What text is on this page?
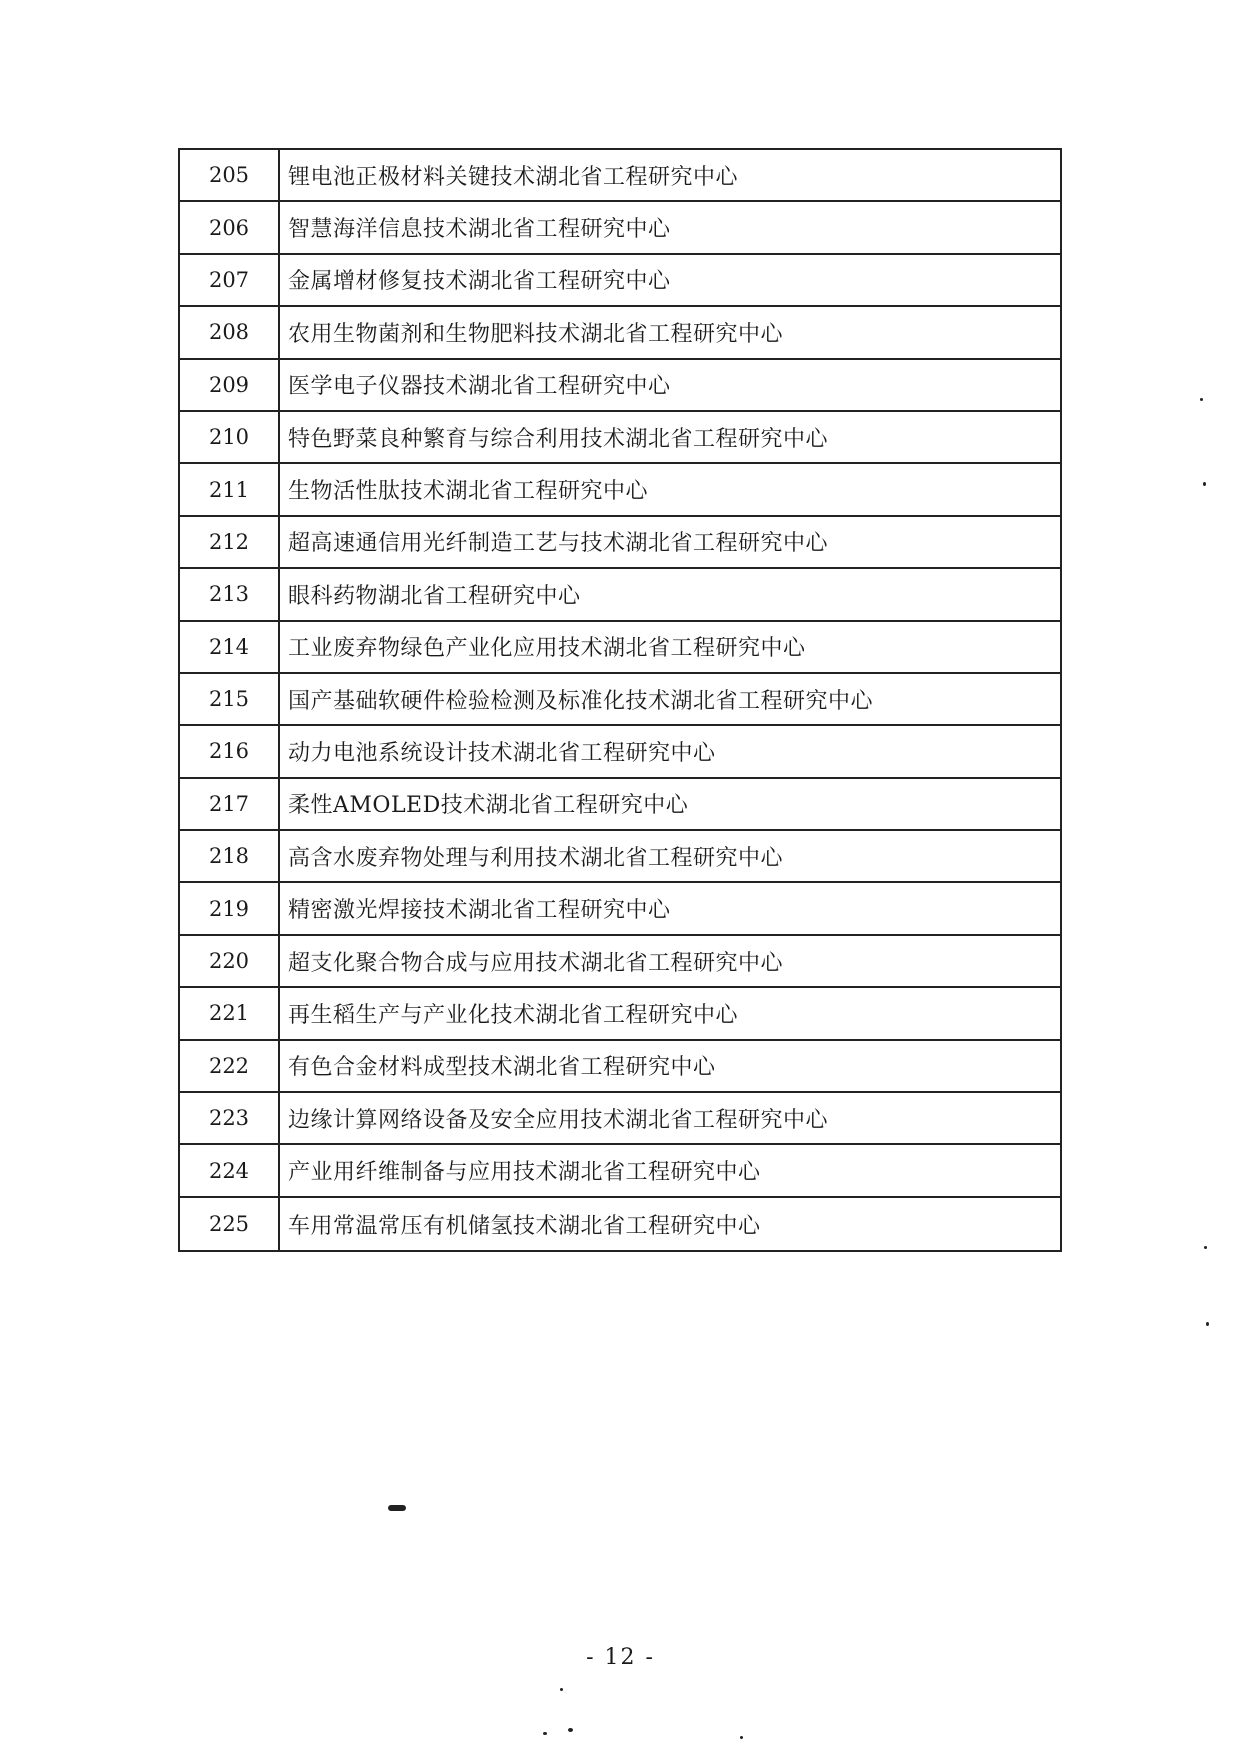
205	锂电池正极材料关键技术湖北省工程研究中心
206	智慧海洋信息技术湖北省工程研究中心
207	金属增材修复技术湖北省工程研究中心
208	农用生物菌剂和生物肥料技术湖北省工程研究中心
209	医学电子仪器技术湖北省工程研究中心
210	特色野菜良种繁育与综合利用技术湖北省工程研究中心
211	生物活性肽技术湖北省工程研究中心
212	超高速通信用光纤制造工艺与技术湖北省工程研究中心
213	眼科药物湖北省工程研究中心
214	工业废弃物绿色产业化应用技术湖北省工程研究中心
215	国产基础软硬件检验检测及标准化技术湖北省工程研究中心
216	动力电池系统设计技术湖北省工程研究中心
217	柔性AMOLED技术湖北省工程研究中心
218	高含水废弃物处理与利用技术湖北省工程研究中心
219	精密激光焊接技术湖北省工程研究中心
220	超支化聚合物合成与应用技术湖北省工程研究中心
221	再生稻生产与产业化技术湖北省工程研究中心
222	有色合金材料成型技术湖北省工程研究中心
223	边缘计算网络设备及安全应用技术湖北省工程研究中心
224	产业用纤维制备与应用技术湖北省工程研究中心
225	车用常温常压有机储氢技术湖北省工程研究中心
- 12 -
